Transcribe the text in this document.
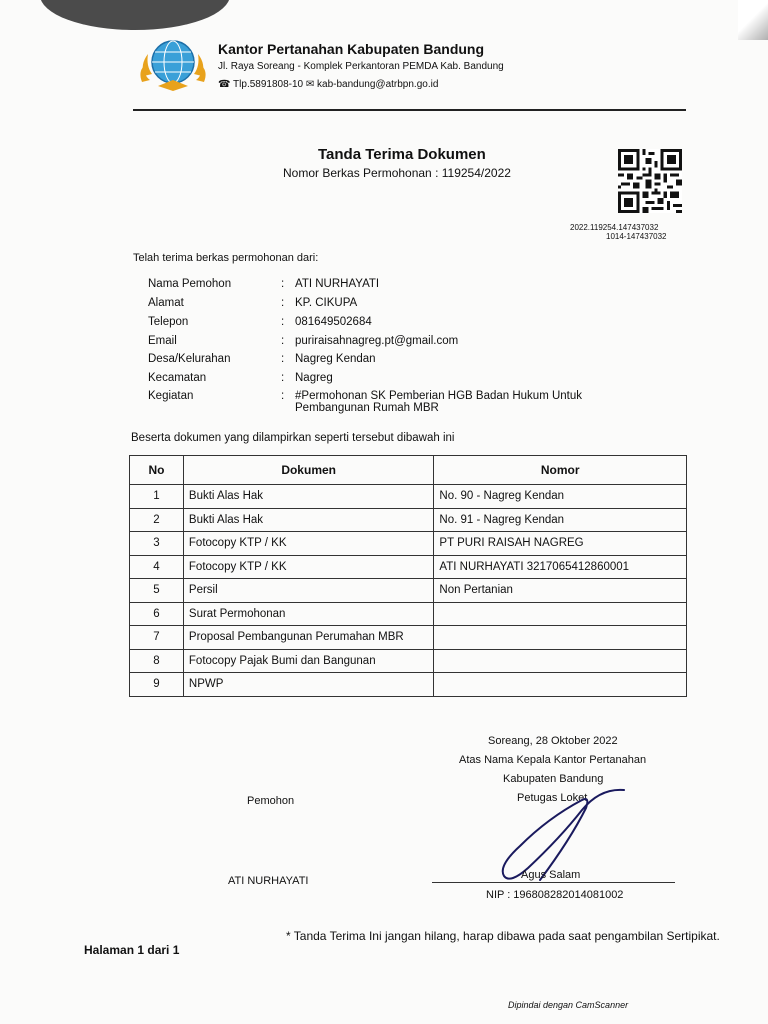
Kantor Pertanahan Kabupaten Bandung
Jl. Raya Soreang - Komplek Perkantoran PEMDA Kab. Bandung
☎ Tlp.5891808-10 ✉ kab-bandung@atrbpn.go.id
Tanda Terima Dokumen
Nomor Berkas Permohonan : 119254/2022
2022.119254.147437032
1014-147437032
Telah terima berkas permohonan dari:
Nama Pemohon	: ATI NURHAYATI
Alamat	: KP. CIKUPA
Telepon	: 081649502684
Email	: puriraisahnagreg.pt@gmail.com
Desa/Kelurahan	: Nagreg Kendan
Kecamatan	: Nagreg
Kegiatan	: #Permohonan SK Pemberian HGB Badan Hukum Untuk Pembangunan Rumah MBR
Beserta dokumen yang dilampirkan seperti tersebut dibawah ini
No	Dokumen	Nomor
1	Bukti Alas Hak	No. 90 - Nagreg Kendan
2	Bukti Alas Hak	No. 91 - Nagreg Kendan
3	Fotocopy KTP / KK	PT PURI RAISAH NAGREG
4	Fotocopy KTP / KK	ATI NURHAYATI 3217065412860001
5	Persil	Non Pertanian
6	Surat Permohonan	
7	Proposal Pembangunan Perumahan MBR	
8	Fotocopy Pajak Bumi dan Bangunan	
9	NPWP	
Soreang, 28 Oktober 2022
Atas Nama Kepala Kantor Pertanahan
Kabupaten Bandung
Petugas Loket
Pemohon
Agus Salam
NIP : 196808282014081002
ATI NURHAYATI
Halaman 1 dari 1
* Tanda Terima Ini jangan hilang, harap dibawa pada saat pengambilan Sertipikat.
Dipindai dengan CamScanner
